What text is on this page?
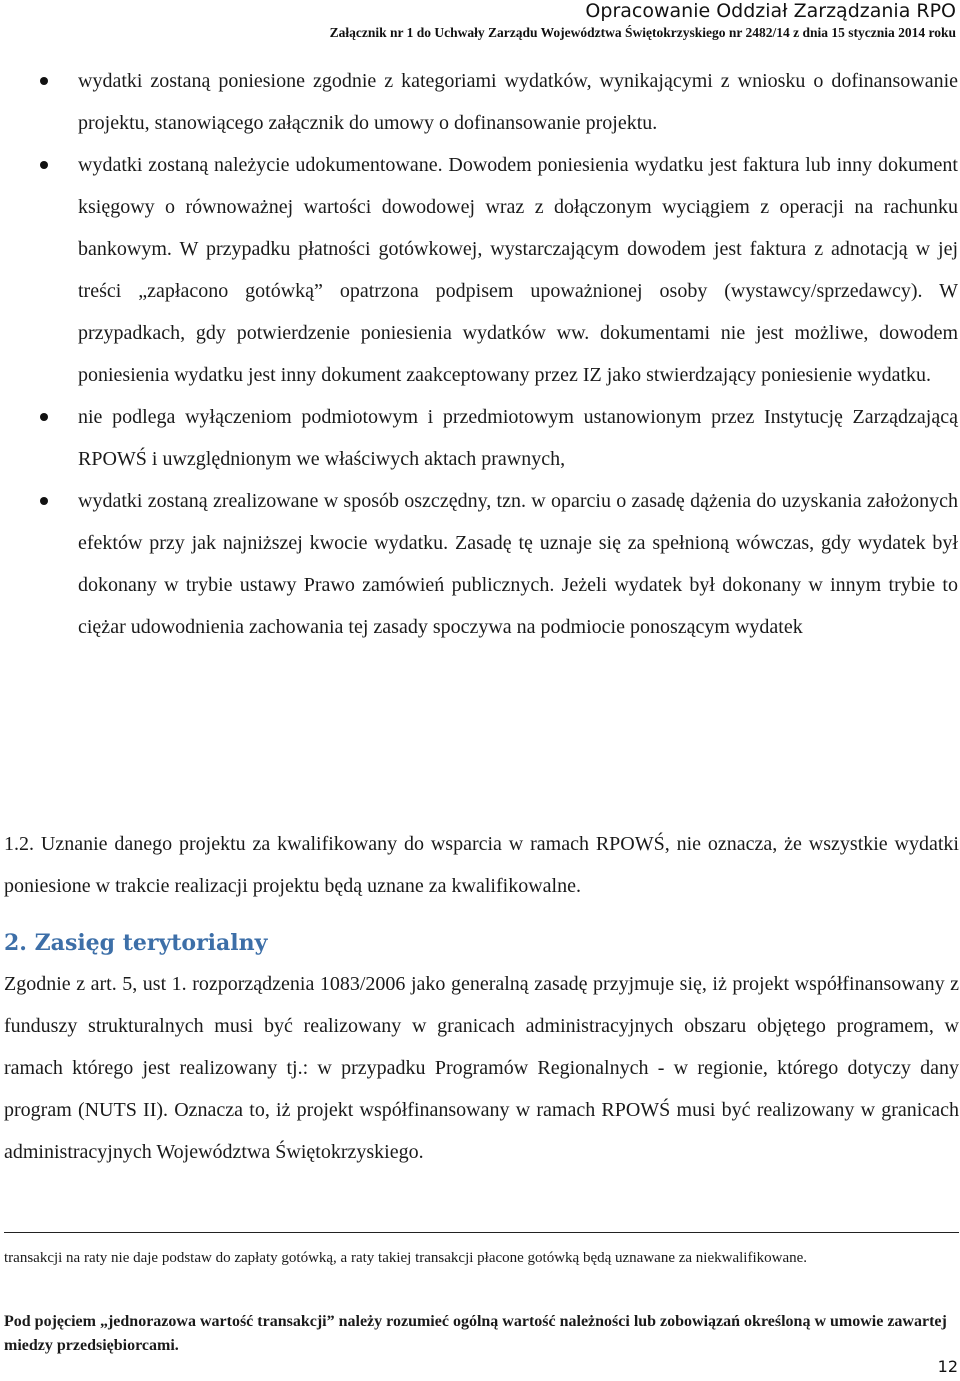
Opracowanie Oddział Zarządzania RPO
Załącznik nr 1 do Uchwały Zarządu Województwa Świętokrzyskiego nr 2482/14 z dnia 15 stycznia 2014 roku
wydatki zostaną poniesione zgodnie z kategoriami wydatków, wynikającymi z wniosku o dofinansowanie projektu, stanowiącego załącznik do umowy o dofinansowanie projektu.
wydatki zostaną należycie udokumentowane. Dowodem poniesienia wydatku jest faktura lub inny dokument księgowy o równoważnej wartości dowodowej wraz z dołączonym wyciągiem z operacji na rachunku bankowym. W przypadku płatności gotówkowej, wystarczającym dowodem jest faktura z adnotacją w jej treści „zapłacono gotówką” opatrzona podpisem upoważnionej osoby (wystawcy/sprzedawcy). W przypadkach, gdy potwierdzenie poniesienia wydatków ww. dokumentami nie jest możliwe, dowodem poniesienia wydatku jest inny dokument zaakceptowany przez IZ jako stwierdzający poniesienie wydatku.
nie podlega wyłączeniom podmiotowym i przedmiotowym ustanowionym przez Instytucję Zarządzającą RPOWŚ i uwzględnionym we właściwych aktach prawnych,
wydatki zostaną zrealizowane w sposób oszczędny, tzn. w oparciu o zasadę dążenia do uzyskania założonych efektów przy jak najniższej kwocie wydatku. Zasadę tę uznaje się za spełnioną wówczas, gdy wydatek był dokonany w trybie ustawy Prawo zamówień publicznych. Jeżeli wydatek był dokonany w innym trybie to ciężar udowodnienia zachowania tej zasady spoczywa na podmiocie ponoszącym wydatek

1.2. Uznanie danego projektu za kwalifikowany do wsparcia w ramach RPOWŚ, nie oznacza, że wszystkie wydatki poniesione w trakcie realizacji projektu będą uznane za kwalifikowalne.

2. Zasięg terytorialny

Zgodnie z art. 5, ust 1. rozporządzenia 1083/2006 jako generalną zasadę przyjmuje się, iż projekt współfinansowany z funduszy strukturalnych musi być realizowany w granicach administracyjnych obszaru objętego programem, w ramach którego jest realizowany tj.: w przypadku Programów Regionalnych - w regionie, którego dotyczy dany program (NUTS II). Oznacza to, iż projekt współfinansowany w ramach RPOWŚ musi być realizowany w granicach administracyjnych Województwa Świętokrzyskiego.

transakcji na raty nie daje podstaw do zapłaty gotówką, a raty takiej transakcji płacone gotówką będą uznawane za niekwalifikowane.

Pod pojęciem „jednorazowa wartość transakcji” należy rozumieć ogólną wartość należności lub zobowiązań określoną w umowie zawartej miedzy przedsiębiorcami.

12
